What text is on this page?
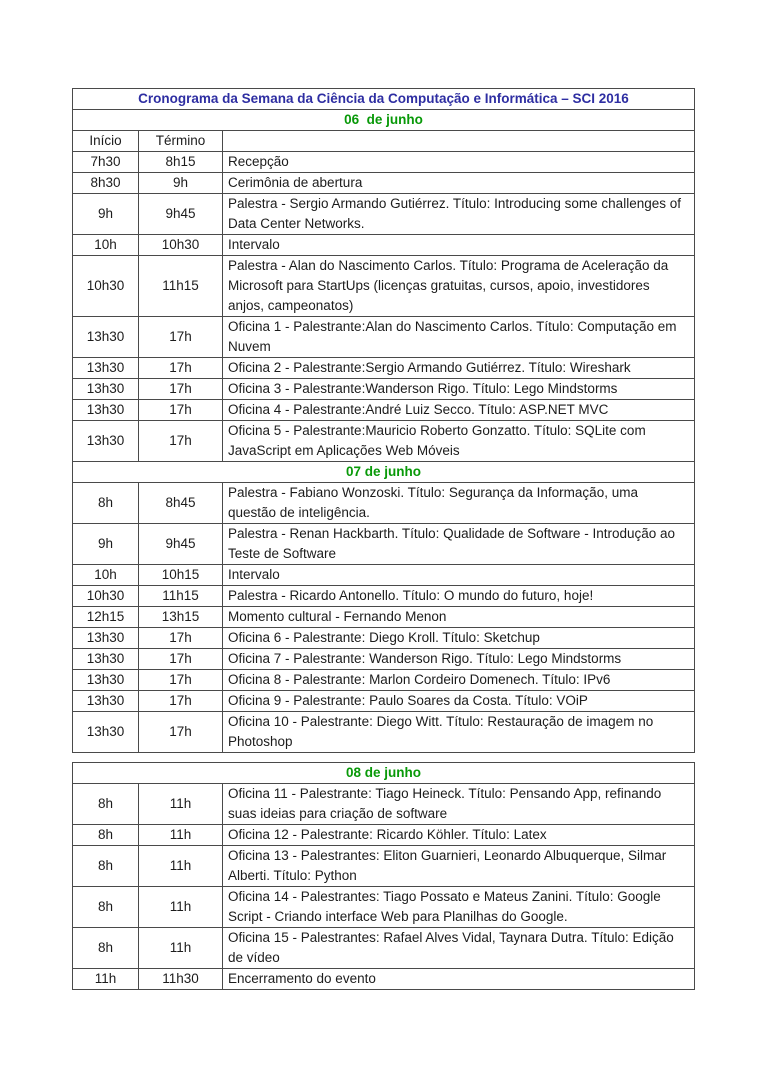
Cronograma da Semana da Ciência da Computação e Informática – SCI 2016		
06  de junho		
Início	Término	
7h30	8h15	Recepção
8h30	9h	Cerimônia de abertura
9h	9h45	Palestra - Sergio Armando Gutiérrez. Título: Introducing some challenges of Data Center Networks.
10h	10h30	Intervalo
10h30	11h15	Palestra - Alan do Nascimento Carlos. Título: Programa de Aceleração da Microsoft para StartUps (licenças gratuitas, cursos, apoio, investidores anjos, campeonatos)
13h30	17h	Oficina 1 - Palestrante:Alan do Nascimento Carlos. Título: Computação em Nuvem
13h30	17h	Oficina 2 - Palestrante:Sergio Armando Gutiérrez. Título: Wireshark
13h30	17h	Oficina 3 - Palestrante:Wanderson Rigo. Título: Lego Mindstorms
13h30	17h	Oficina 4 - Palestrante:André Luiz Secco. Título: ASP.NET MVC
13h30	17h	Oficina 5 - Palestrante:Mauricio Roberto Gonzatto. Título: SQLite com JavaScript em Aplicações Web Móveis
07 de junho		
8h	8h45	Palestra - Fabiano Wonzoski. Título: Segurança da Informação, uma questão de inteligência.
9h	9h45	Palestra - Renan Hackbarth. Título: Qualidade de Software - Introdução ao Teste de Software
10h	10h15	Intervalo
10h30	11h15	Palestra - Ricardo Antonello. Título: O mundo do futuro, hoje!
12h15	13h15	Momento cultural - Fernando Menon
13h30	17h	Oficina 6 - Palestrante: Diego Kroll. Título: Sketchup
13h30	17h	Oficina 7 - Palestrante: Wanderson Rigo. Título: Lego Mindstorms
13h30	17h	Oficina 8 - Palestrante: Marlon Cordeiro Domenech. Título: IPv6
13h30	17h	Oficina 9 - Palestrante: Paulo Soares da Costa. Título: VOiP
13h30	17h	Oficina 10 - Palestrante: Diego Witt. Título: Restauração de imagem no Photoshop
08 de junho		
8h	11h	Oficina 11 - Palestrante: Tiago Heineck. Título: Pensando App, refinando suas ideias para criação de software
8h	11h	Oficina 12 - Palestrante: Ricardo Köhler. Título: Latex
8h	11h	Oficina 13 - Palestrantes: Eliton Guarnieri, Leonardo Albuquerque, Silmar Alberti. Título: Python
8h	11h	Oficina 14 - Palestrantes: Tiago Possato e Mateus Zanini. Título: Google Script - Criando interface Web para Planilhas do Google.
8h	11h	Oficina 15 - Palestrantes: Rafael Alves Vidal, Taynara Dutra. Título: Edição de vídeo
11h	11h30	Encerramento do evento
